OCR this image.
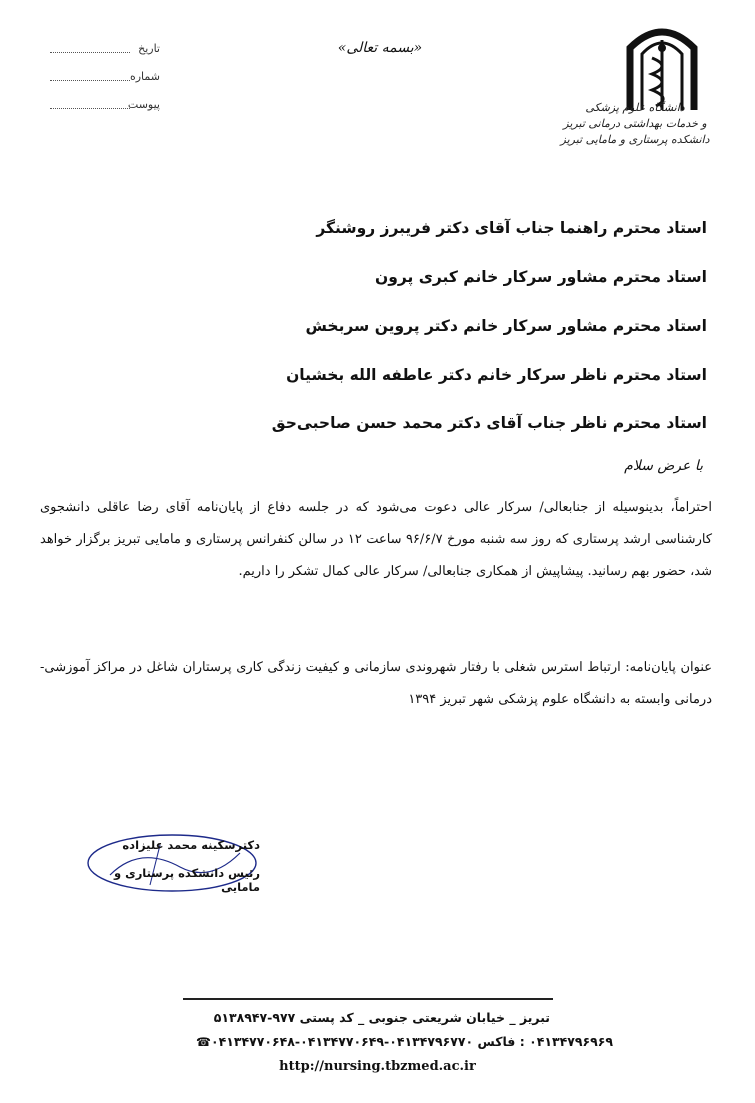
دانشگاه علوم پزشکی
و خدمات بهداشتی درمانی تبریز
دانشکده پرستاری و مامایی تبریز
«بسمه تعالی»
تاریخ
شماره
پیوست
استاد محترم راهنما جناب آقای دکتر فریبرز روشنگر
استاد محترم مشاور سرکار خانم کبری پرون
استاد محترم مشاور سرکار خانم دکتر پروین سربخش
استاد محترم ناظر سرکار خانم دکتر عاطفه الله بخشیان
استاد محترم ناظر جناب آقای دکتر محمد حسن صاحبی‌حق
با عرض سلام
احتراماً، بدینوسیله از جنابعالی/ سرکار عالی دعوت می‌شود که در جلسه دفاع از پایان‌نامه آقای رضا عاقلی دانشجوی کارشناسی ارشد پرستاری که روز سه شنبه مورخ ۹۶/۶/۷ ساعت ۱۲ در سالن کنفرانس پرستاری و مامایی تبریز برگزار خواهد شد، حضور بهم رسانید. پیشاپیش از همکاری جنابعالی/ سرکار عالی کمال تشکر را داریم.
عنوان پایان‌نامه: ارتباط استرس شغلی با رفتار شهروندی سازمانی و کیفیت زندگی کاری پرستاران شاغل در مراکز آموزشی- درمانی وابسته به دانشگاه علوم پزشکی شهر تبریز ۱۳۹۴
دکترسکینه محمد علیزاده
رئیس دانشکده پرستاری و مامایی
تبریز _ خیابان شریعتی جنوبی _ کد پستی ۹۷۷-۵۱۳۸۹۴۷
۰۴۱۳۴۷۹۶۹۶۹ : فاکس ۰۴۱۳۴۷۹۶۷۷۰-۰۴۱۳۴۷۷۰۶۴۹-۰۴۱۳۴۷۷۰۶۴۸☎
http://nursing.tbzmed.ac.ir
